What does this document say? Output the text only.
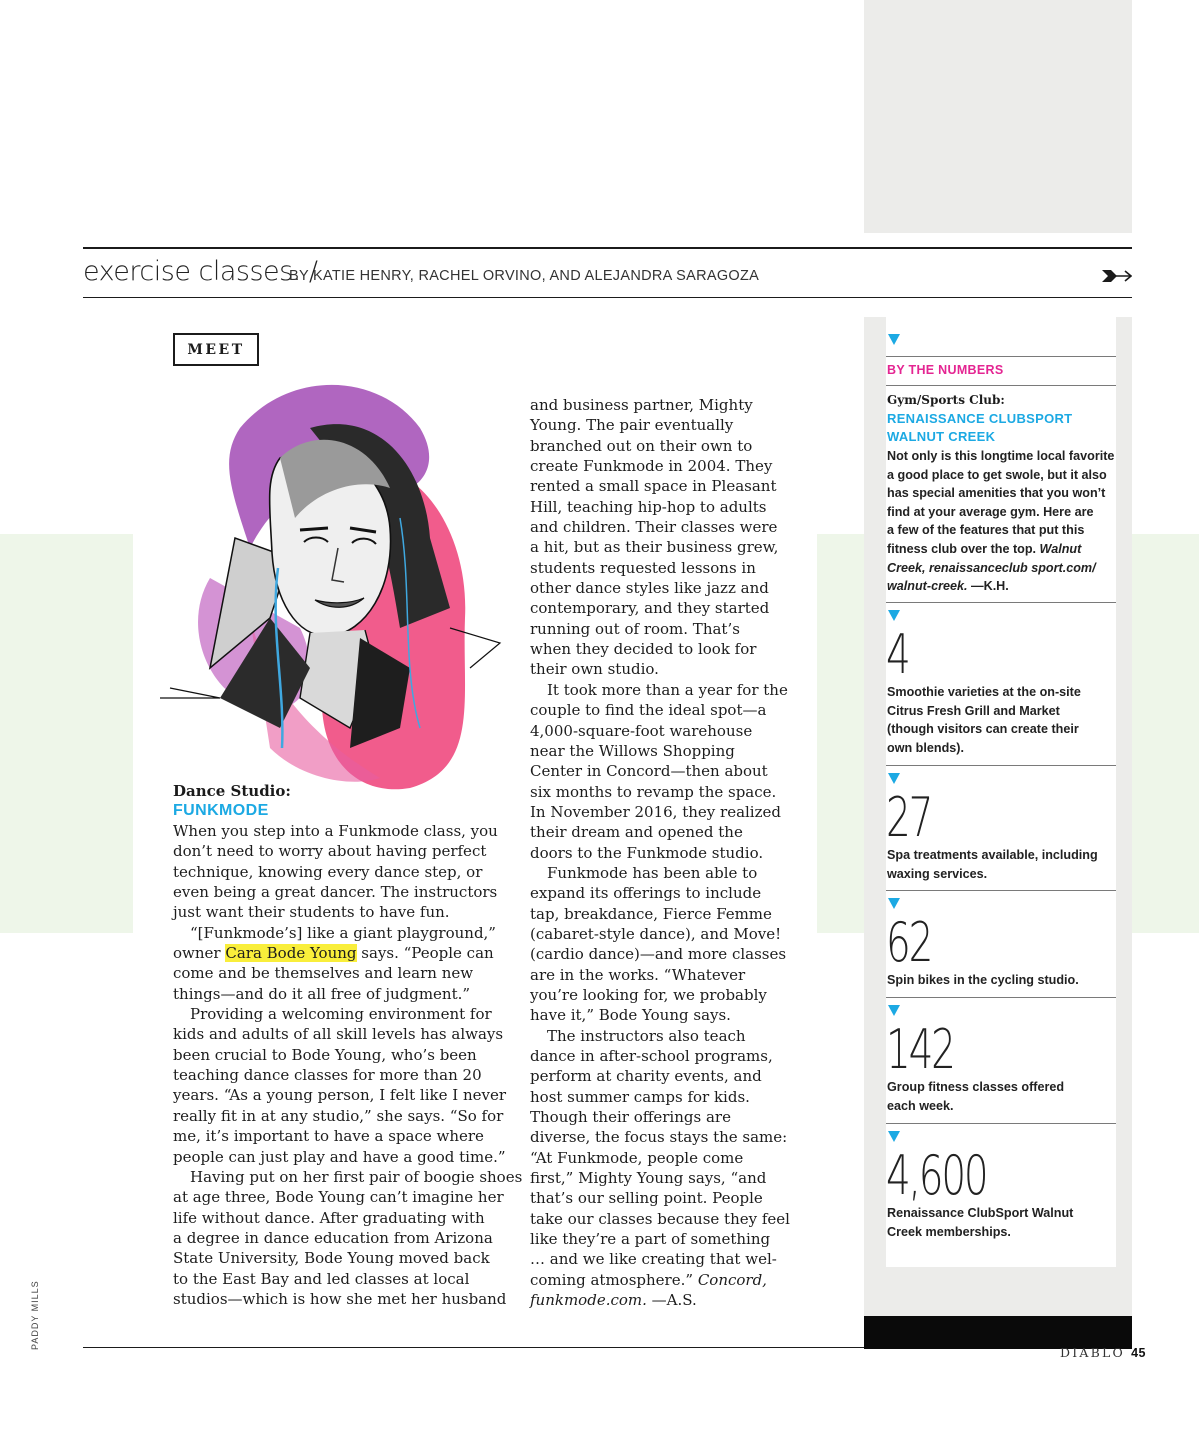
exercise classes. /
BY KATIE HENRY, RACHEL ORVINO, AND ALEJANDRA SARAGOZA
MEET
Dance Studio:
FUNKMODE

When you step into a Funkmode class, you

don’t need to worry about having perfect

technique, knowing every dance step, or

even being a great dancer. The instructors

just want their students to have fun.

“[Funkmode’s] like a giant playground,”

owner Cara Bode Young says. “People can

come and be themselves and learn new

things—and do it all free of judgment.”

Providing a welcoming environment for

kids and adults of all skill levels has always

been crucial to Bode Young, who’s been

teaching dance classes for more than 20

years. “As a young person, I felt like I never

really fit in at any studio,” she says. “So for

me, it’s important to have a space where

people can just play and have a good time.”

Having put on her first pair of boogie shoes

at age three, Bode Young can’t imagine her

life without dance. After graduating with

a degree in dance education from Arizona

State University, Bode Young moved back

to the East Bay and led classes at local

studios—which is how she met her husband

and business partner, Mighty

Young. The pair eventually

branched out on their own to

create Funkmode in 2004. They

rented a small space in Pleasant

Hill, teaching hip-hop to adults

and children. Their classes were

a hit, but as their business grew,

students requested lessons in

other dance styles like jazz and

contemporary, and they started

running out of room. That’s

when they decided to look for

their own studio.

It took more than a year for the

couple to find the ideal spot—a

4,000-square-foot warehouse

near the Willows Shopping

Center in Concord—then about

six months to revamp the space.

In November 2016, they realized

their dream and opened the

doors to the Funkmode studio.

Funkmode has been able to

expand its offerings to include

tap, breakdance, Fierce Femme

(cabaret-style dance), and Move!

(cardio dance)—and more classes

are in the works. “Whatever

you’re looking for, we probably

have it,” Bode Young says.

The instructors also teach

dance in after-school programs,

perform at charity events, and

host summer camps for kids.

Though their offerings are

diverse, the focus stays the same:

“At Funkmode, people come

first,” Mighty Young says, “and

that’s our selling point. People

take our classes because they feel

like they’re a part of something

… and we like creating that wel-

coming atmosphere.” Concord,

funkmode.com. —A.S.

BY THE NUMBERS
Gym/Sports Club:
RENAISSANCE CLUBSPORT
WALNUT CREEK

Not only is this longtime local favorite

a good place to get swole, but it also

has special amenities that you won’t

find at your average gym. Here are

a few of the features that put this

fitness club over the top. Walnut

Creek, renaissanceclub sport.com/

walnut-creek. —K.H.

4

Smoothie varieties at the on-site

Citrus Fresh Grill and Market

(though visitors can create their

own blends).

27

Spa treatments available, including

waxing services.

62

Spin bikes in the cycling studio.

142

Group fitness classes offered

each week.

4,600

Renaissance ClubSport Walnut

Creek memberships.

PADDY MILLS
DIABLO 45
